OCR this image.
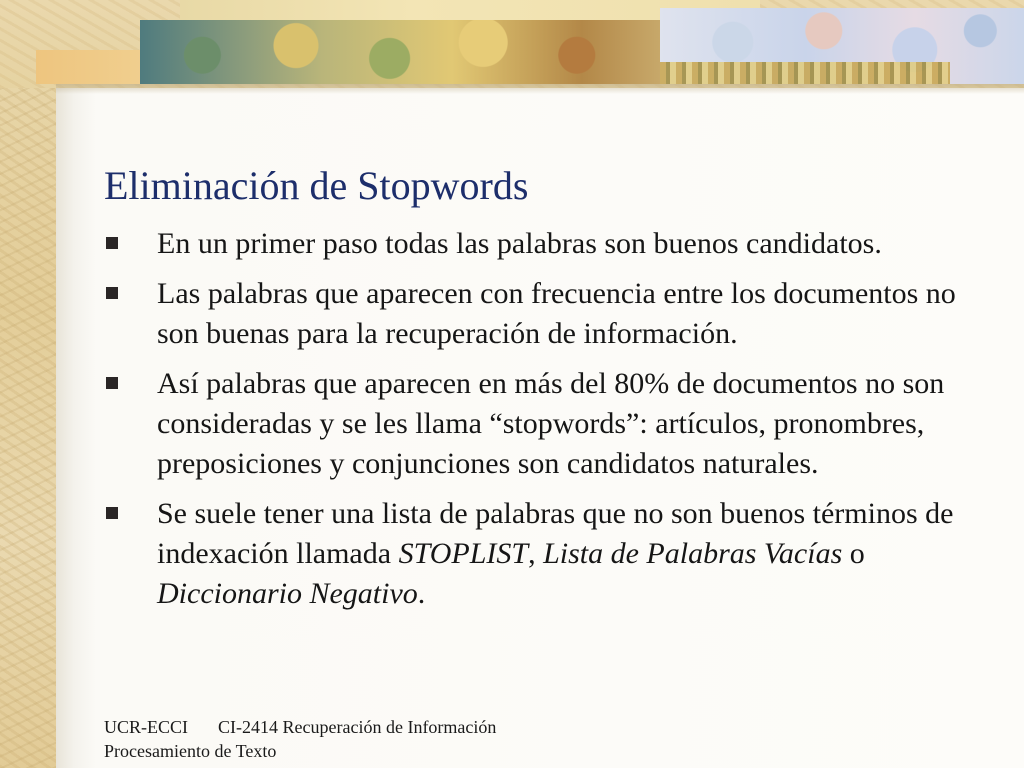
Eliminación de Stopwords
En un primer paso todas las palabras son buenos candidatos.
Las palabras que aparecen con frecuencia entre los documentos no son buenas para la recuperación de información.
Así palabras que aparecen en más del 80% de documentos no son consideradas y se les llama “stopwords”: artículos, pronombres, preposiciones y conjunciones son candidatos naturales.
Se suele tener una lista de palabras que no son buenos términos de indexación llamada STOPLIST, Lista de Palabras Vacías o Diccionario Negativo.
UCR-ECCI CI-2414 Recuperación de Información
Procesamiento de Texto
